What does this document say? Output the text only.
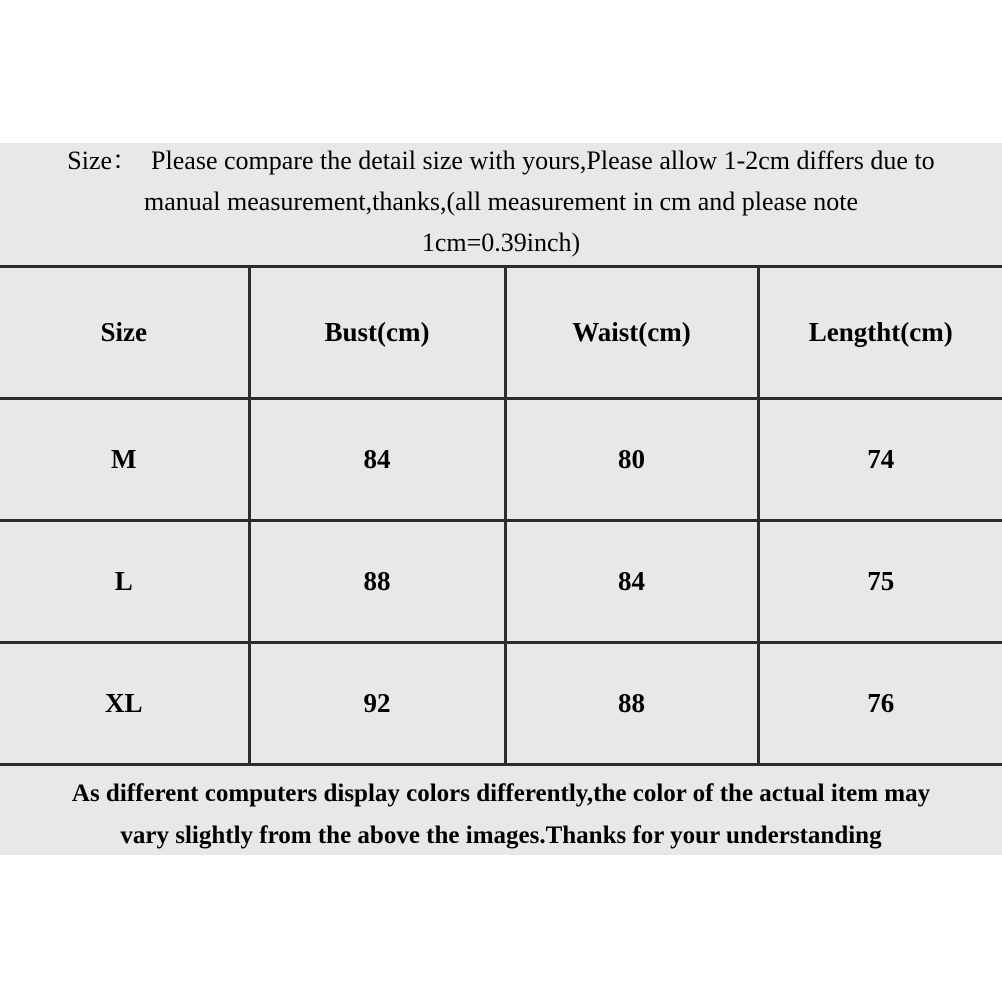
Size：  Please compare the detail size with yours,Please allow 1-2cm differs due to
manual measurement,thanks,(all measurement in cm and please note
1cm=0.39inch)
Size	Bust(cm)	Waist(cm)	Lengtht(cm)
M	84	80	74
L	88	84	75
XL	92	88	76
As different computers display colors differently,the color of the actual item may
vary slightly from the above the images.Thanks for your understanding
